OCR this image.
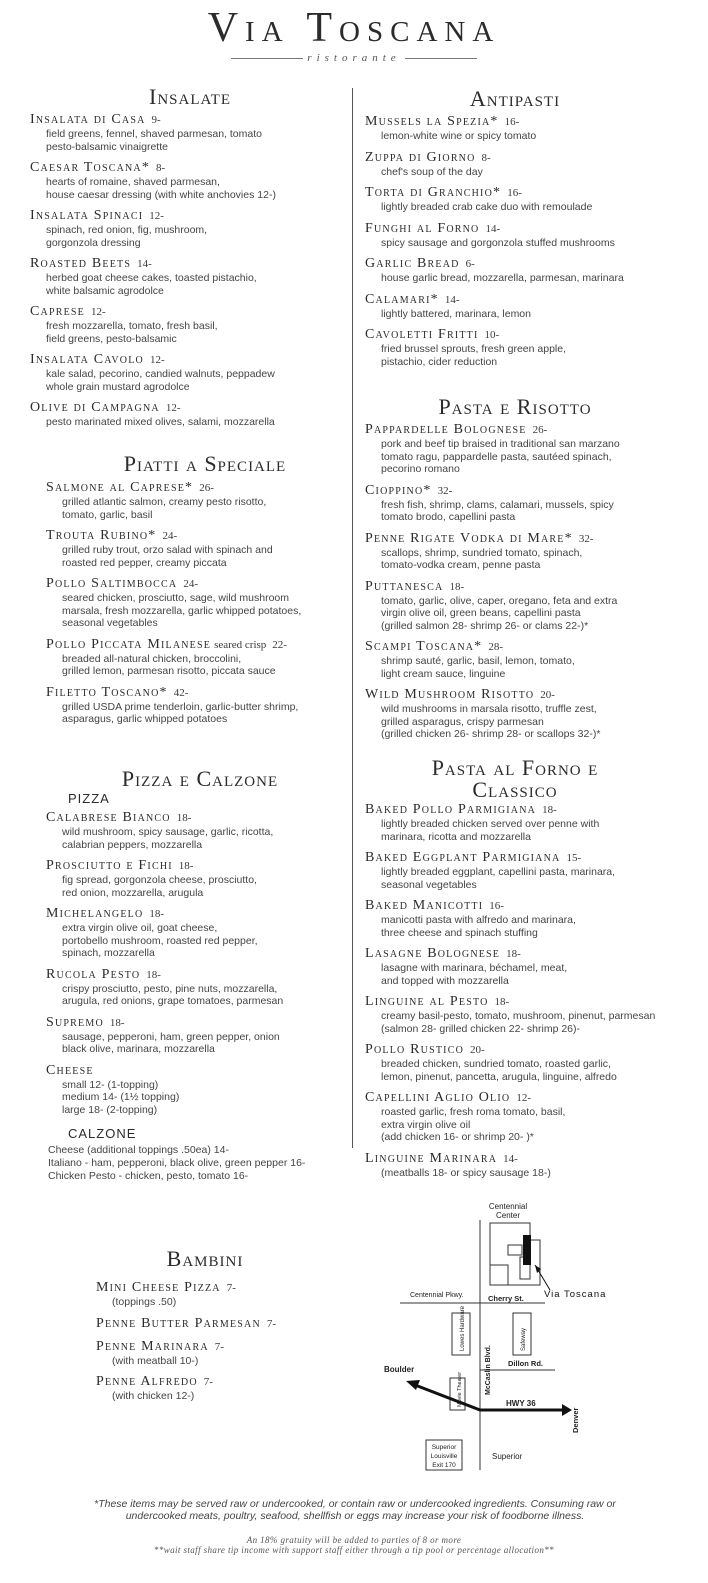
Via Toscana
ristorante
Insalate	Antipasti
Piatti a Speciale
Pasta e Risotto
Pizza e Calzone	Pasta al Forno e
Classico
Bambini
Insalata di Casa 9-
field greens, fennel, shaved parmesan, tomato
pesto-balsamic vinaigrette
Caesar Toscana* 8-
hearts of romaine, shaved parmesan,
house caesar dressing (with white anchovies 12-)
Insalata Spinaci 12-
spinach, red onion, fig, mushroom,
gorgonzola dressing
Roasted Beets 14-
herbed goat cheese cakes, toasted pistachio,
white balsamic agrodolce
Caprese 12-
fresh mozzarella, tomato, fresh basil,
field greens, pesto-balsamic
Insalata Cavolo 12-
kale salad, pecorino, candied walnuts, peppadew
whole grain mustard agrodolce
Olive di Campagna 12-
pesto marinated mixed olives, salami, mozzarella
Mussels la Spezia* 16-
lemon-white wine or spicy tomato
Zuppa di Giorno 8-
chef's soup of the day
Torta di Granchio* 16-
lightly breaded crab cake duo with remoulade
Funghi al Forno 14-
spicy sausage and gorgonzola stuffed mushrooms
Garlic Bread 6-
house garlic bread, mozzarella, parmesan, marinara
Calamari* 14-
lightly battered, marinara, lemon
Cavoletti Fritti 10-
fried brussel sprouts, fresh green apple,
pistachio, cider reduction
Salmone al Caprese* 26-
grilled atlantic salmon, creamy pesto risotto,
tomato, garlic, basil
Trouta Rubino* 24-
grilled ruby trout, orzo salad with spinach and
roasted red pepper, creamy piccata
Pollo Saltimbocca 24-
seared chicken, prosciutto, sage, wild mushroom
marsala, fresh mozzarella, garlic whipped potatoes,
seasonal vegetables
Pollo Piccata Milanese seared crisp 22-
breaded all-natural chicken, broccolini,
grilled lemon, parmesan risotto, piccata sauce
Filetto Toscano* 42-
grilled USDA prime tenderloin, garlic-butter shrimp,
asparagus, garlic whipped potatoes
Pappardelle Bolognese 26-
pork and beef tip braised in traditional san marzano
tomato ragu, pappardelle pasta, sautéed spinach,
pecorino romano
Cioppino* 32-
fresh fish, shrimp, clams, calamari, mussels, spicy
tomato brodo, capellini pasta
Penne Rigate Vodka di Mare* 32-
scallops, shrimp, sundried tomato, spinach,
tomato-vodka cream, penne pasta
Puttanesca 18-
tomato, garlic, olive, caper, oregano, feta and extra
virgin olive oil, green beans, capellini pasta
(grilled salmon 28- shrimp 26- or clams 22-)*
Scampi Toscana* 28-
shrimp sauté, garlic, basil, lemon, tomato,
light cream sauce, linguine
Wild Mushroom Risotto 20-
wild mushrooms in marsala risotto, truffle zest,
grilled asparagus, crispy parmesan
(grilled chicken 26- shrimp 28- or scallops 32-)*
PIZZA
Calabrese Bianco 18-
wild mushroom, spicy sausage, garlic, ricotta,
calabrian peppers, mozzarella
Prosciutto e Fichi 18-
fig spread, gorgonzola cheese, prosciutto,
red onion, mozzarella, arugula
Michelangelo 18-
extra virgin olive oil, goat cheese,
portobello mushroom, roasted red pepper,
spinach, mozzarella
Rucola Pesto 18-
crispy prosciutto, pesto, pine nuts, mozzarella,
arugula, red onions, grape tomatoes, parmesan
Supremo 18-
sausage, pepperoni, ham, green pepper, onion
black olive, marinara, mozzarella
Cheese
small 12- (1-topping)
medium 14- (1½ topping)
large 18- (2-topping)
CALZONE
Cheese (additional toppings .50ea) 14-
Italiano - ham, pepperoni, black olive, green pepper 16-
Chicken Pesto - chicken, pesto, tomato 16-
Baked Pollo Parmigiana 18-
lightly breaded chicken served over penne with
marinara, ricotta and mozzarella
Baked Eggplant Parmigiana 15-
lightly breaded eggplant, capellini pasta, marinara,
seasonal vegetables
Baked Manicotti 16-
manicotti pasta with alfredo and marinara,
three cheese and spinach stuffing
Lasagne Bolognese 18-
lasagne with marinara, béchamel, meat,
and topped with mozzarella
Linguine al Pesto 18-
creamy basil-pesto, tomato, mushroom, pinenut, parmesan
(salmon 28- grilled chicken 22- shrimp 26)-
Pollo Rustico 20-
breaded chicken, sundried tomato, roasted garlic,
lemon, pinenut, pancetta, arugula, linguine, alfredo
Capellini Aglio Olio 12-
roasted garlic, fresh roma tomato, basil,
extra virgin olive oil
(add chicken 16- or shrimp 20- )*
Linguine Marinara 14-
(meatballs 18- or spicy sausage 18-)
Mini Cheese Pizza 7-
(toppings .50)
Penne Butter Parmesan 7-
Penne Marinara 7-
(with meatball 10-)
Penne Alfredo 7-
(with chicken 12-)
Centennial
Center
Via Toscana
Centennial Pkwy.	Cherry St.
Lowes Hardware	Safeway
McCaslin Blvd. Dillon Rd.
Boulder
Movie Theater	HWY 36
Denver
Superior
Louisville
Exit 170
Superior
*These items may be served raw or undercooked, or contain raw or undercooked ingredients. Consuming raw or
undercooked meats, poultry, seafood, shellfish or eggs may increase your risk of foodborne illness.
An 18% gratuity will be added to parties of 8 or more
**wait staff share tip income with support staff either through a tip pool or percentage allocation**
